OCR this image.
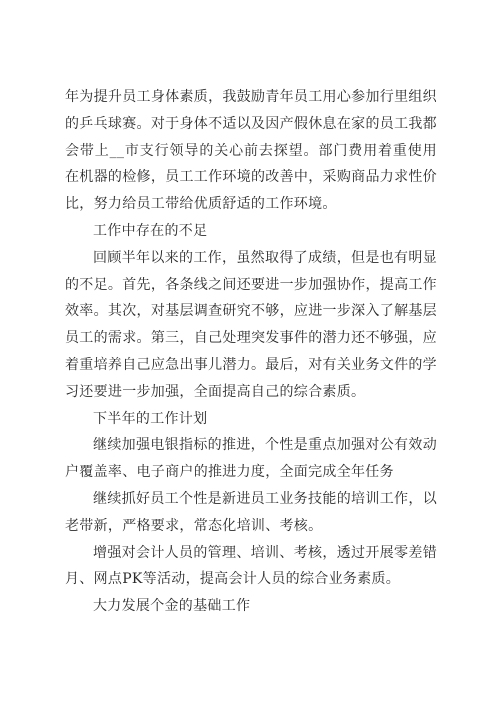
年为提升员工身体素质，我鼓励青年员工用心参加行里组织的乒乓球赛。对于身体不适以及因产假休息在家的员工我都会带上__市支行领导的关心前去探望。部门费用着重使用在机器的检修，员工工作环境的改善中，采购商品力求性价比，努力给员工带给优质舒适的工作环境。

工作中存在的不足

回顾半年以来的工作，虽然取得了成绩，但是也有明显的不足。首先，各条线之间还要进一步加强协作，提高工作效率。其次，对基层调查研究不够，应进一步深入了解基层员工的需求。第三，自己处理突发事件的潜力还不够强，应着重培养自己应急出事儿潜力。最后，对有关业务文件的学习还要进一步加强，全面提高自己的综合素质。

下半年的工作计划

继续加强电银指标的推进，个性是重点加强对公有效动户覆盖率、电子商户的推进力度，全面完成全年任务

继续抓好员工个性是新进员工业务技能的培训工作，以老带新，严格要求，常态化培训、考核。

增强对会计人员的管理、培训、考核，透过开展零差错月、网点PK等活动，提高会计人员的综合业务素质。

大力发展个金的基础工作
